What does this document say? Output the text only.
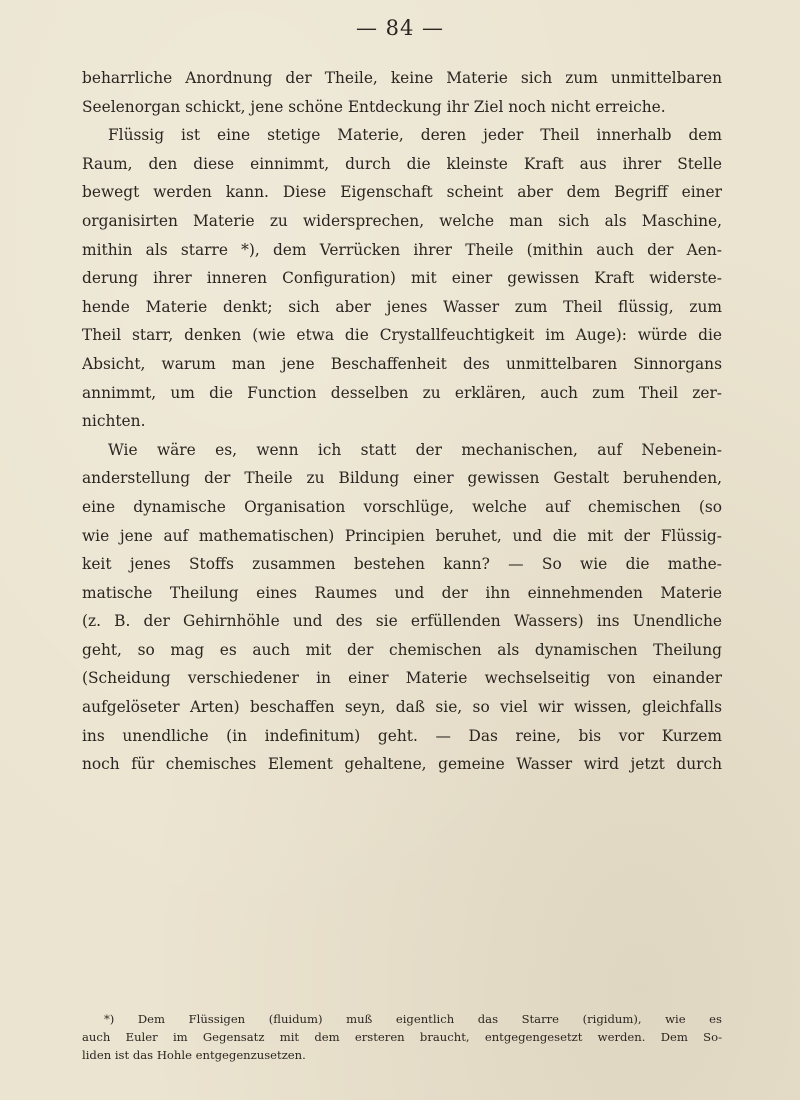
— 84 —
beharrliche Anordnung der Theile, keine Materie sich zum unmittelbaren
Seelenorgan schickt, jene schöne Entdeckung ihr Ziel noch nicht erreiche.
Flüssig ist eine stetige Materie, deren jeder Theil innerhalb dem
Raum, den diese einnimmt, durch die kleinste Kraft aus ihrer Stelle
bewegt werden kann. Diese Eigenschaft scheint aber dem Begriff einer
organisirten Materie zu widersprechen, welche man sich als Maschine,
mithin als starre *), dem Verrücken ihrer Theile (mithin auch der Aen-
derung ihrer inneren Configuration) mit einer gewissen Kraft widerste-
hende Materie denkt; sich aber jenes Wasser zum Theil flüssig, zum
Theil starr, denken (wie etwa die Crystallfeuchtigkeit im Auge): würde die
Absicht, warum man jene Beschaffenheit des unmittelbaren Sinnorgans
annimmt, um die Function desselben zu erklären, auch zum Theil zer-
nichten.
Wie wäre es, wenn ich statt der mechanischen, auf Nebenein-
anderstellung der Theile zu Bildung einer gewissen Gestalt beruhenden,
eine dynamische Organisation vorschlüge, welche auf chemischen (so
wie jene auf mathematischen) Principien beruhet, und die mit der Flüssig-
keit jenes Stoffs zusammen bestehen kann? — So wie die mathe-
matische Theilung eines Raumes und der ihn einnehmenden Materie
(z. B. der Gehirnhöhle und des sie erfüllenden Wassers) ins Unendliche
geht, so mag es auch mit der chemischen als dynamischen Theilung
(Scheidung verschiedener in einer Materie wechselseitig von einander
aufgelöseter Arten) beschaffen seyn, daß sie, so viel wir wissen, gleichfalls
ins unendliche (in indefinitum) geht. — Das reine, bis vor Kurzem
noch für chemisches Element gehaltene, gemeine Wasser wird jetzt durch
*) Dem Flüssigen (fluidum) muß eigentlich das Starre (rigidum), wie es
auch Euler im Gegensatz mit dem ersteren braucht, entgegengesetzt werden. Dem So-
liden ist das Hohle entgegenzusetzen.
